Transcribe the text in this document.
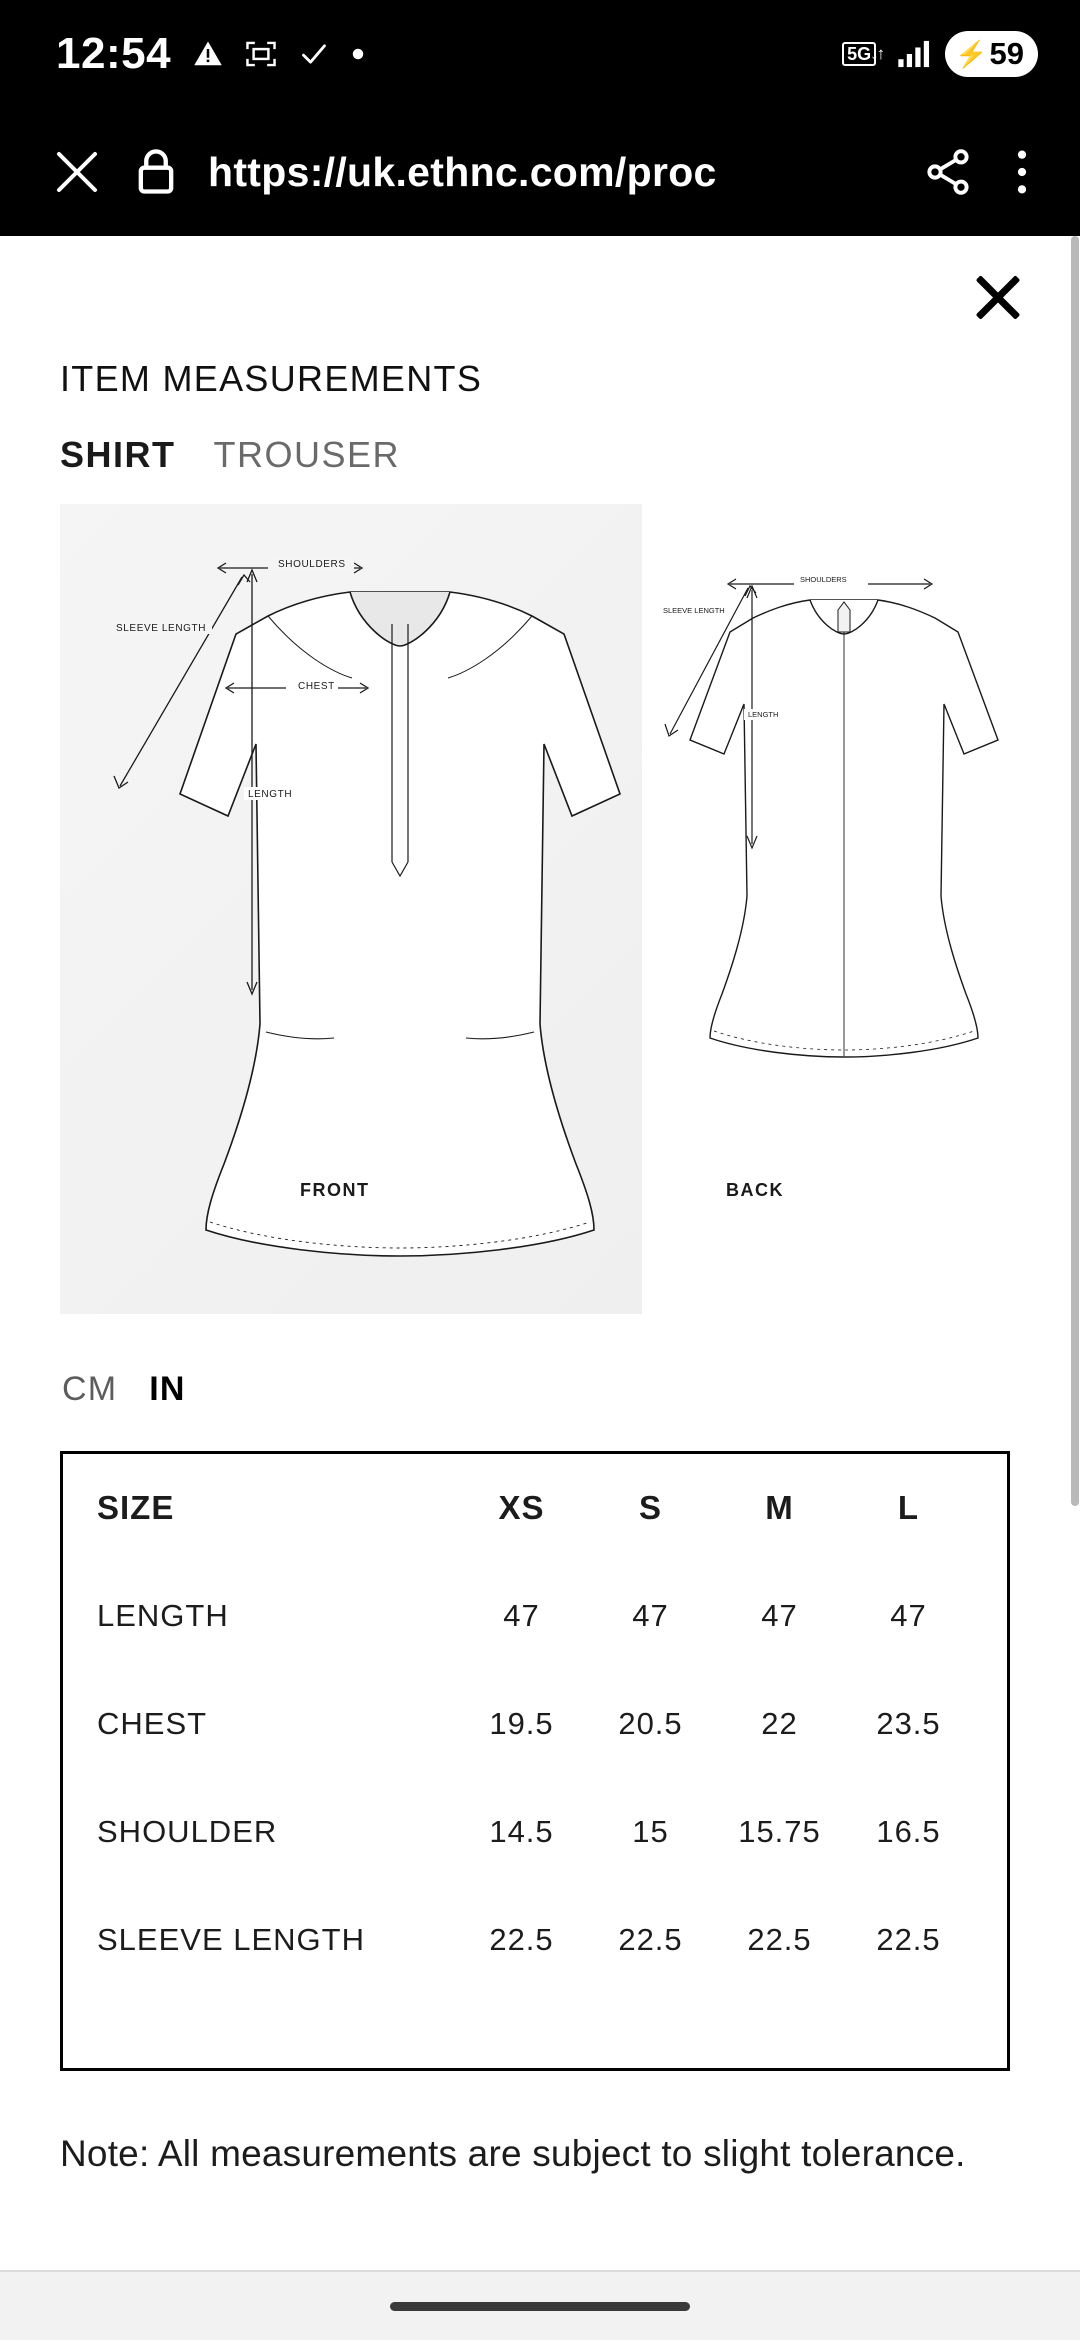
12:54	5G ↓↑	⚡ 59
https://uk.ethnc.com/proc
ITEM MEASUREMENTS
SHIRT TROUSER
SHOULDERS
SLEEVE LENGTH
CHEST
LENGTH
SHOULDERS
SLEEVE LENGTH
LENGTH
FRONT	BACK
CM IN
SIZE	XS	S	M	L
LENGTH	47	47	47	47
CHEST	19.5	20.5	22	23.5
SHOULDER	14.5	15	15.75	16.5
SLEEVE LENGTH	22.5	22.5	22.5	22.5
Note: All measurements are subject to slight tolerance.
